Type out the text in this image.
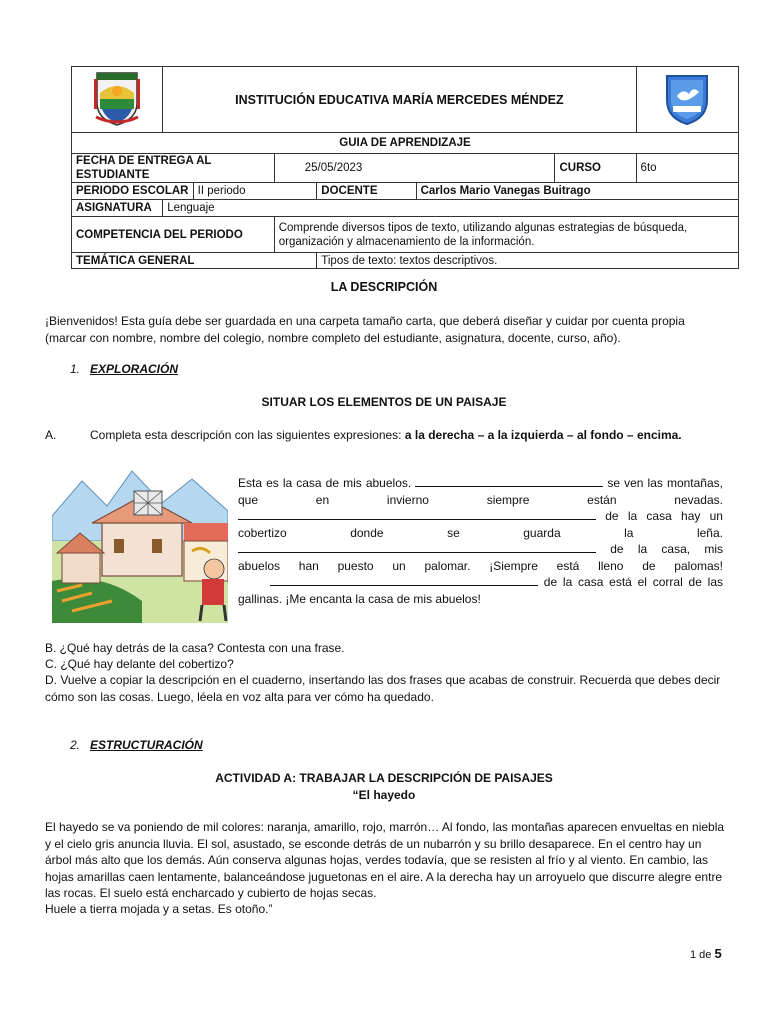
	INSTITUCIÓN EDUCATIVA MARÍA MERCEDES MÉNDEZ	
GUIA DE APRENDIZAJE							
FECHA DE ENTREGA AL ESTUDIANTE			25/05/2023			CURSO	6to
PERIODO ESCOLAR		II periodo		DOCENTE	Carlos Mario Vanegas Buitrago		
ASIGNATURA	Lenguaje						
COMPETENCIA DEL PERIODO			Comprende diversos tipos de texto, utilizando algunas estrategias de búsqueda, organización y almacenamiento de la información.				
TEMÁTICA GENERAL				Tipos de texto: textos descriptivos.			
LA DESCRIPCIÓN
¡Bienvenidos! Esta guía debe ser guardada en una carpeta tamaño carta, que deberá diseñar y cuidar por cuenta propia (marcar con nombre, nombre del colegio, nombre completo del estudiante, asignatura, docente, curso, año).
1. EXPLORACIÓN
SITUAR LOS ELEMENTOS DE UN PAISAJE
A.	Completa esta descripción con las siguientes expresiones: a la derecha – a la izquierda – al fondo – encima.
Esta es la casa de mis abuelos.	se ven las montañas, que en invierno siempre están nevadas.  de la casa hay un cobertizo donde se guarda la leña.  de la casa, mis abuelos han puesto un palomar. ¡Siempre está lleno de palomas!  de la casa está el corral de las gallinas. ¡Me encanta la casa de mis abuelos!
B. ¿Qué hay detrás de la casa? Contesta con una frase.
C. ¿Qué hay delante del cobertizo?
D. Vuelve a copiar la descripción en el cuaderno, insertando las dos frases que acabas de construir. Recuerda que debes decir cómo son las cosas. Luego, léela en voz alta para ver cómo ha quedado.
2. ESTRUCTURACIÓN
ACTIVIDAD A: TRABAJAR LA DESCRIPCIÓN DE PAISAJES
“El hayedo
El hayedo se va poniendo de mil colores: naranja, amarillo, rojo, marrón… Al fondo, las montañas aparecen envueltas en niebla y el cielo gris anuncia lluvia. El sol, asustado, se esconde detrás de un nubarrón y su brillo desaparece. En el centro hay un árbol más alto que los demás. Aún conserva algunas hojas, verdes todavía, que se resisten al frío y al viento. En cambio, las hojas amarillas caen lentamente, balanceándose juguetonas en el aire. A la derecha hay un arroyuelo que discurre alegre entre las rocas. El suelo está encharcado y cubierto de hojas secas.
Huele a tierra mojada y a setas. Es otoño.”
1 de 5
